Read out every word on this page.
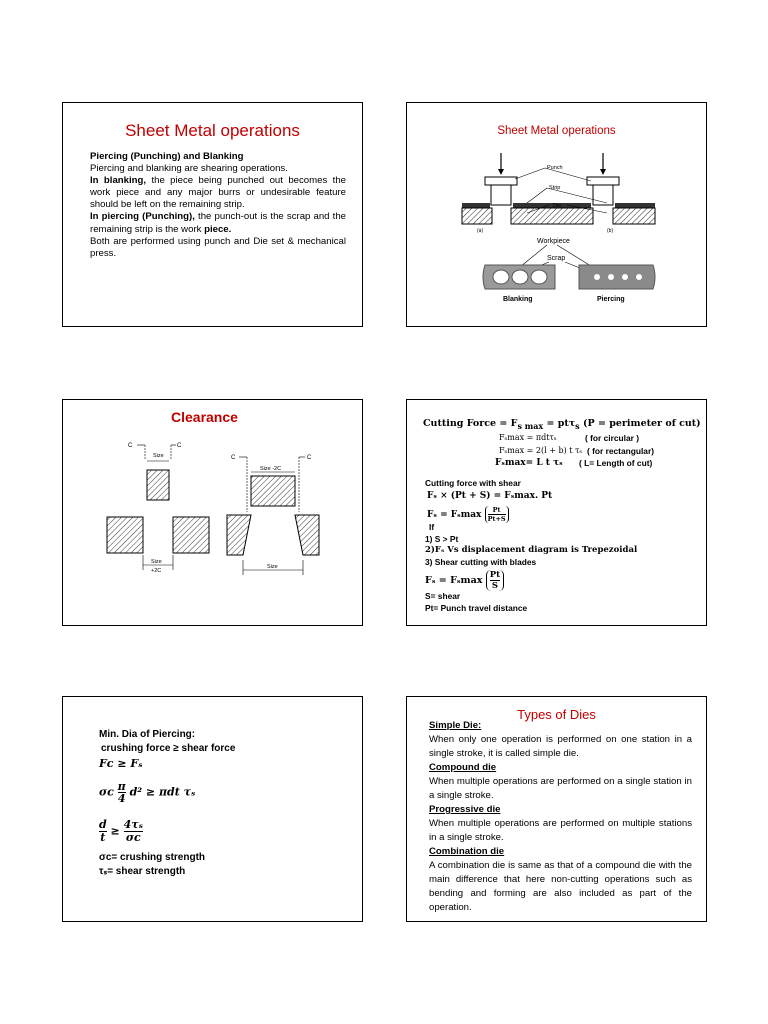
Sheet Metal operations
Piercing (Punching) and Blanking
Piercing and blanking are shearing operations.
In blanking, the piece being punched out becomes the work piece and any major burrs or undesirable feature should be left on the remaining strip.
In piercing (Punching), the punch-out is the scrap and the remaining strip is the work piece.
Both are performed using punch and Die set & mechanical press.
Sheet Metal operations
Punch
Strip
Die
(a)	(b)
Workpiece
Scrap
Blanking	Piercing
Clearance
C	C
Size
Size
+2C
C	C
Size -2C
Size
Cutting Force = $F_{s max} = pt\tau_s$ (P = perimeter of cut)
Fₛmax = πdtτₛ	( for circular )
Fₛmax = 2(l + b) t τₛ ( for rectangular)
Fₛmax= L t τₛ ( L= Length of cut)
Cutting force with shear
Fₛ × (Pt + S) = Fₛmax. Pt
Fₛ = Fₛmax $\frac{Pt}{Pt+S}$
If
1) S > Pt
2)Fₛ Vs displacement diagram is Trepezoidal
3) Shear cutting with blades
Fₛ = Fₛmax $\frac{Pt}{S}$
S= shear
Pt= Punch travel distance
Min. Dia of Piercing:
crushing force ≥ shear force
Fᴄ ≥ Fₛ
σᴄ $\frac{\pi}{4} d^2 \ge \pi dt$ τₛ
$\frac{d}{t} \ge \frac{\text{4τₛ}}{\text{σᴄ}}$
σᴄ= crushing strength
τₛ= shear strength
Types of Dies
Simple Die:
When only one operation is performed on one station in a single stroke, it is called simple die.
Compound die
When multiple operations are performed on a single station in a single stroke.
Progressive die
When multiple operations are performed on multiple stations in a single stroke.
Combination die
A combination die is same as that of a compound die with the main difference that here non-cutting operations such as bending and forming are also included as part of the operation.
